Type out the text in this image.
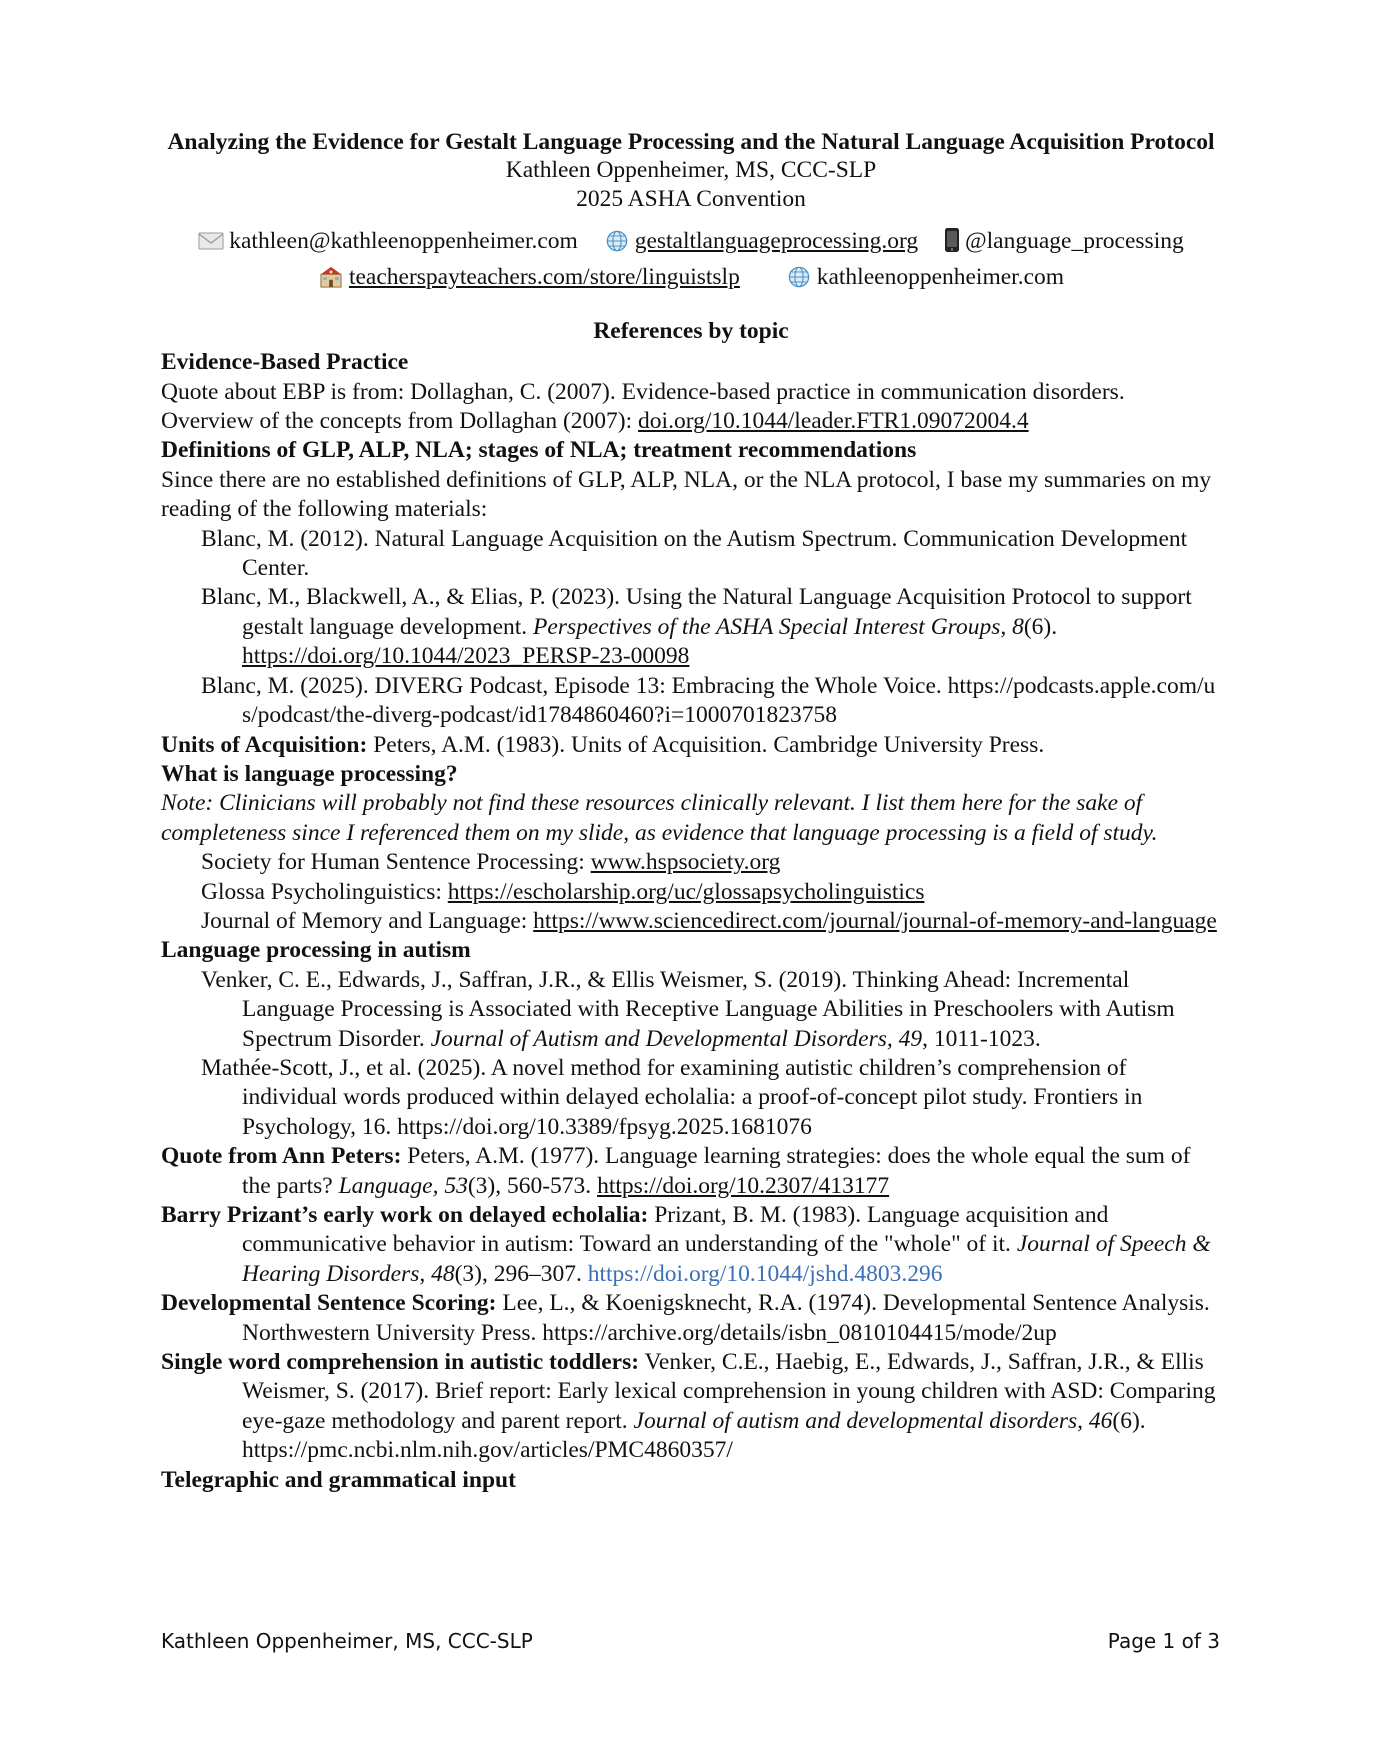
Analyzing the Evidence for Gestalt Language Processing and the Natural Language Acquisition Protocol
Kathleen Oppenheimer, MS, CCC-SLP
2025 ASHA Convention
kathleen@kathleenoppenheimer.com gestaltlanguageprocessing.org @language_processing
teacherspayteachers.com/store/linguistslp	kathleenoppenheimer.com
References by topic

Evidence-Based Practice

Quote about EBP is from: Dollaghan, C. (2007). Evidence-based practice in communication disorders.

Overview of the concepts from Dollaghan (2007): doi.org/10.1044/leader.FTR1.09072004.4

Definitions of GLP, ALP, NLA; stages of NLA; treatment recommendations

Since there are no established definitions of GLP, ALP, NLA, or the NLA protocol, I base my summaries on my reading of the following materials:

Blanc, M. (2012). Natural Language Acquisition on the Autism Spectrum. Communication Development Center.

Blanc, M., Blackwell, A., & Elias, P. (2023). Using the Natural Language Acquisition Protocol to support gestalt language development. Perspectives of the ASHA Special Interest Groups, 8(6). https://doi.org/10.1044/2023_PERSP-23-00098

Blanc, M. (2025). DIVERG Podcast, Episode 13: Embracing the Whole Voice. https://podcasts.apple.com/us/podcast/the-diverg-podcast/id1784860460?i=1000701823758

Units of Acquisition: Peters, A.M. (1983). Units of Acquisition. Cambridge University Press.

What is language processing?

Note: Clinicians will probably not find these resources clinically relevant. I list them here for the sake of completeness since I referenced them on my slide, as evidence that language processing is a field of study.

Society for Human Sentence Processing: www.hspsociety.org

Glossa Psycholinguistics: https://escholarship.org/uc/glossapsycholinguistics

Journal of Memory and Language: https://www.sciencedirect.com/journal/journal-of-memory-and-language

Language processing in autism

Venker, C. E., Edwards, J., Saffran, J.R., & Ellis Weismer, S. (2019). Thinking Ahead: Incremental Language Processing is Associated with Receptive Language Abilities in Preschoolers with Autism Spectrum Disorder. Journal of Autism and Developmental Disorders, 49, 1011-1023.

Mathée-Scott, J., et al. (2025). A novel method for examining autistic children’s comprehension of individual words produced within delayed echolalia: a proof-of-concept pilot study. Frontiers in Psychology, 16. https://doi.org/10.3389/fpsyg.2025.1681076

Quote from Ann Peters: Peters, A.M. (1977). Language learning strategies: does the whole equal the sum of the parts? Language, 53(3), 560-573. https://doi.org/10.2307/413177

Barry Prizant’s early work on delayed echolalia: Prizant, B. M. (1983). Language acquisition and communicative behavior in autism: Toward an understanding of the "whole" of it. Journal of Speech & Hearing Disorders, 48(3), 296–307. https://doi.org/10.1044/jshd.4803.296

Developmental Sentence Scoring: Lee, L., & Koenigsknecht, R.A. (1974). Developmental Sentence Analysis. Northwestern University Press. https://archive.org/details/isbn_0810104415/mode/2up

Single word comprehension in autistic toddlers: Venker, C.E., Haebig, E., Edwards, J., Saffran, J.R., & Ellis Weismer, S. (2017). Brief report: Early lexical comprehension in young children with ASD: Comparing eye-gaze methodology and parent report. Journal of autism and developmental disorders, 46(6). https://pmc.ncbi.nlm.nih.gov/articles/PMC4860357/

Telegraphic and grammatical input

Kathleen Oppenheimer, MS, CCC-SLP	Page 1 of 3
